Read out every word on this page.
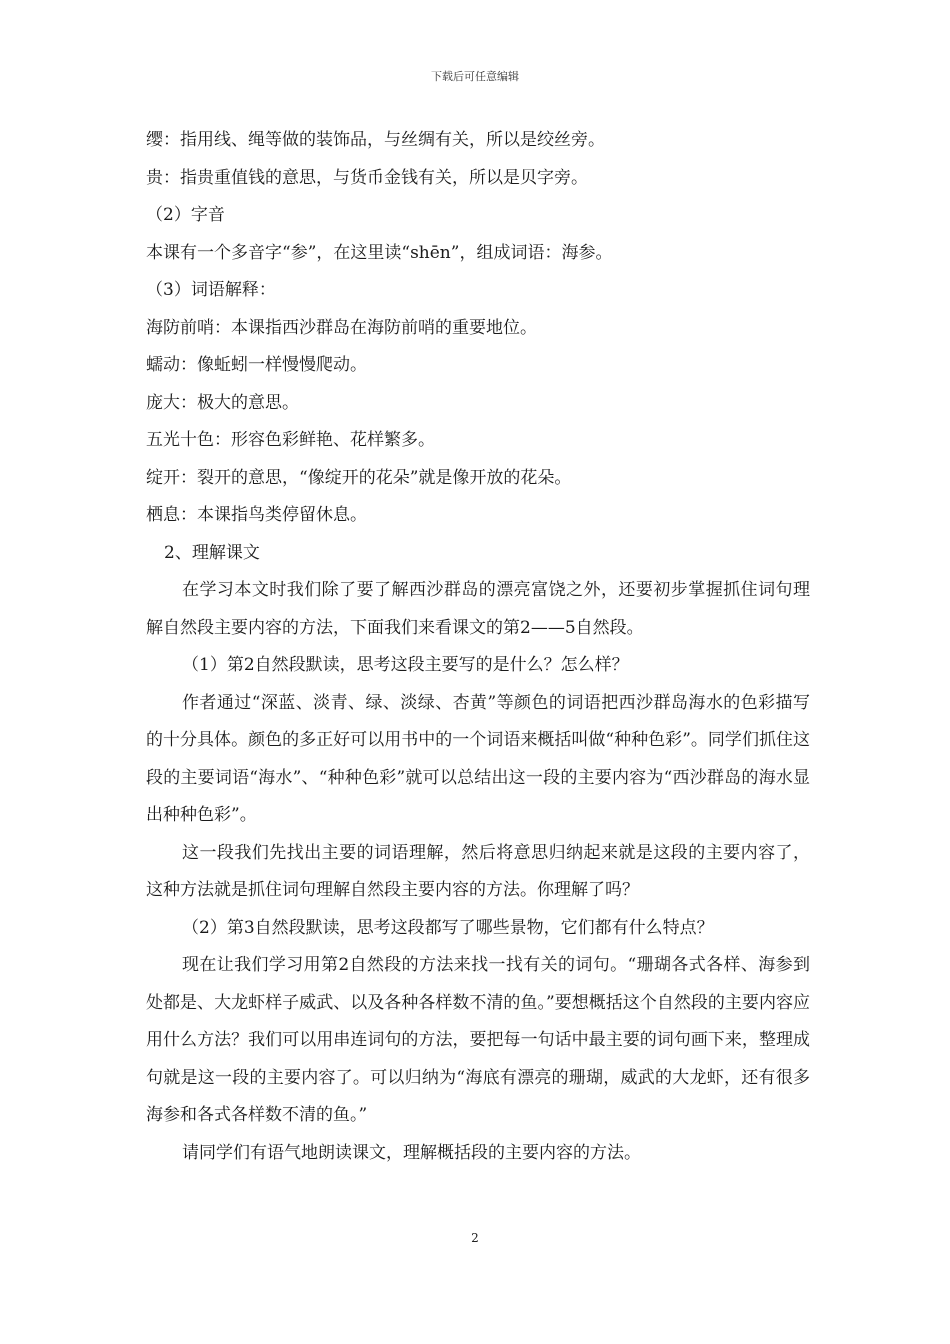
下载后可任意编辑

缨：指用线、绳等做的装饰品，与丝绸有关，所以是绞丝旁。

贵：指贵重值钱的意思，与货币金钱有关，所以是贝字旁。

（2）字音

本课有一个多音字“参”，在这里读“shēn”，组成词语：海参。

（3）词语解释：

海防前哨：本课指西沙群岛在海防前哨的重要地位。

蠕动：像蚯蚓一样慢慢爬动。

庞大：极大的意思。

五光十色：形容色彩鲜艳、花样繁多。

绽开：裂开的意思，“像绽开的花朵”就是像开放的花朵。

栖息：本课指鸟类停留休息。

2、理解课文

在学习本文时我们除了要了解西沙群岛的漂亮富饶之外，还要初步掌握抓住词句理解自然段主要内容的方法，下面我们来看课文的第2——5自然段。

（1）第2自然段默读，思考这段主要写的是什么？怎么样？

作者通过“深蓝、淡青、绿、淡绿、杏黄”等颜色的词语把西沙群岛海水的色彩描写的十分具体。颜色的多正好可以用书中的一个词语来概括叫做“种种色彩”。同学们抓住这段的主要词语“海水”、“种种色彩”就可以总结出这一段的主要内容为“西沙群岛的海水显出种种色彩”。

这一段我们先找出主要的词语理解，然后将意思归纳起来就是这段的主要内容了，这种方法就是抓住词句理解自然段主要内容的方法。你理解了吗？

（2）第3自然段默读，思考这段都写了哪些景物，它们都有什么特点？

现在让我们学习用第2自然段的方法来找一找有关的词句。“珊瑚各式各样、海参到处都是、大龙虾样子威武、以及各种各样数不清的鱼。”要想概括这个自然段的主要内容应用什么方法？我们可以用串连词句的方法，要把每一句话中最主要的词句画下来，整理成句就是这一段的主要内容了。可以归纳为“海底有漂亮的珊瑚，威武的大龙虾，还有很多海参和各式各样数不清的鱼。”

请同学们有语气地朗读课文，理解概括段的主要内容的方法。

2
